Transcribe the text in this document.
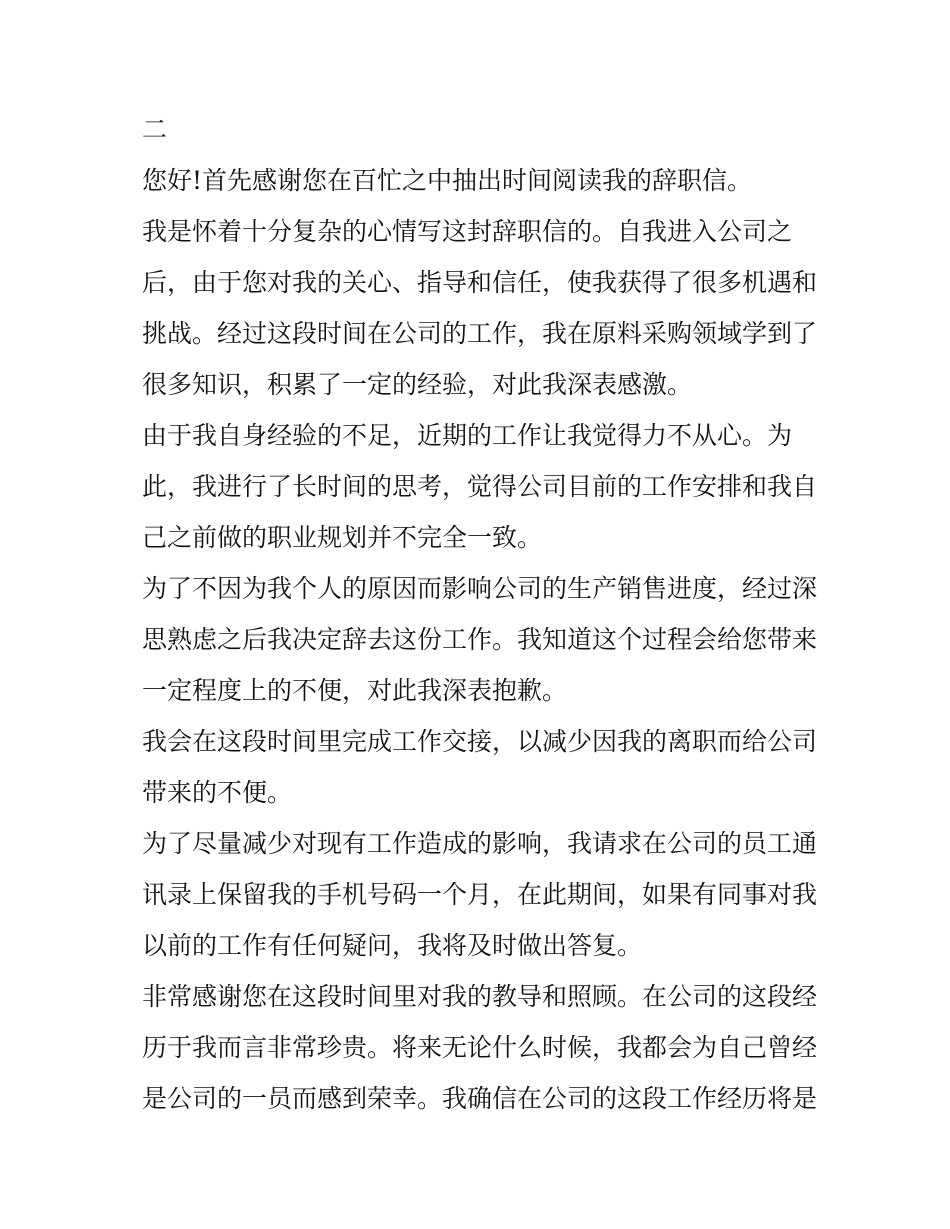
二
您好!首先感谢您在百忙之中抽出时间阅读我的辞职信。
我是怀着十分复杂的心情写这封辞职信的。自我进入公司之
后，由于您对我的关心、指导和信任，使我获得了很多机遇和
挑战。经过这段时间在公司的工作，我在原料采购领域学到了
很多知识，积累了一定的经验，对此我深表感激。
由于我自身经验的不足，近期的工作让我觉得力不从心。为
此，我进行了长时间的思考，觉得公司目前的工作安排和我自
己之前做的职业规划并不完全一致。
为了不因为我个人的原因而影响公司的生产销售进度，经过深
思熟虑之后我决定辞去这份工作。我知道这个过程会给您带来
一定程度上的不便，对此我深表抱歉。
我会在这段时间里完成工作交接，以减少因我的离职而给公司
带来的不便。
为了尽量减少对现有工作造成的影响，我请求在公司的员工通
讯录上保留我的手机号码一个月，在此期间，如果有同事对我
以前的工作有任何疑问，我将及时做出答复。
非常感谢您在这段时间里对我的教导和照顾。在公司的这段经
历于我而言非常珍贵。将来无论什么时候，我都会为自己曾经
是公司的一员而感到荣幸。我确信在公司的这段工作经历将是
